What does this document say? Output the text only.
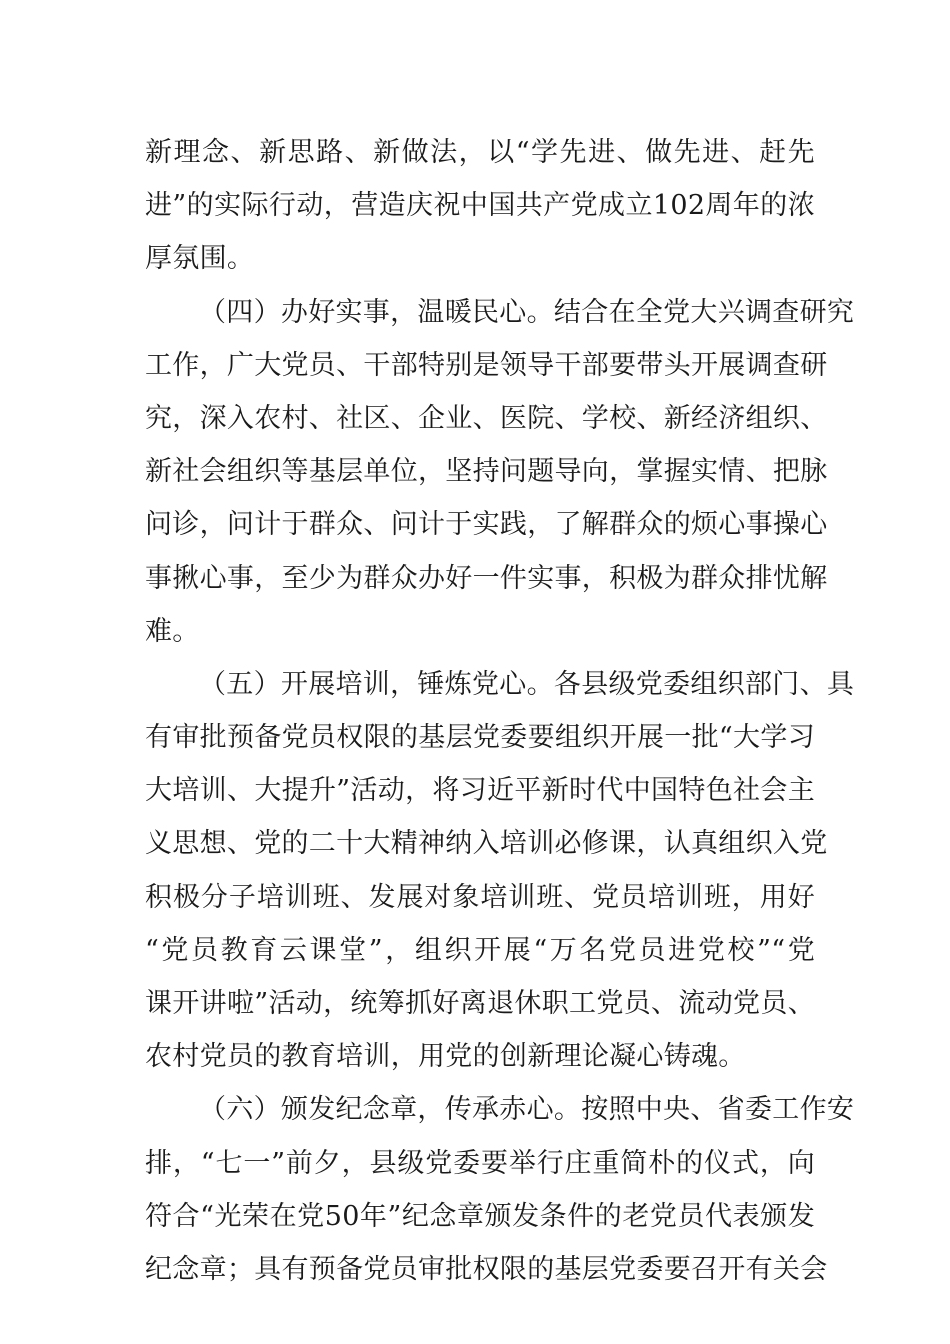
新理念、新思路、新做法，以“学先进、做先进、赶先
进”的实际行动，营造庆祝中国共产党成立102周年的浓
厚氛围。
（四）办好实事，温暖民心。结合在全党大兴调查研究
工作，广大党员、干部特别是领导干部要带头开展调查研
究，深入农村、社区、企业、医院、学校、新经济组织、
新社会组织等基层单位，坚持问题导向，掌握实情、把脉
问诊，问计于群众、问计于实践，了解群众的烦心事操心
事揪心事，至少为群众办好一件实事，积极为群众排忧解
难。
（五）开展培训，锤炼党心。各县级党委组织部门、具
有审批预备党员权限的基层党委要组织开展一批“大学习
大培训、大提升”活动，将习近平新时代中国特色社会主
义思想、党的二十大精神纳入培训必修课，认真组织入党
积极分子培训班、发展对象培训班、党员培训班，用好
“党员教育云课堂”，组织开展“万名党员进党校”“党
课开讲啦”活动，统筹抓好离退休职工党员、流动党员、
农村党员的教育培训，用党的创新理论凝心铸魂。
（六）颁发纪念章，传承赤心。按照中央、省委工作安
排，“七一”前夕，县级党委要举行庄重简朴的仪式，向
符合“光荣在党50年”纪念章颁发条件的老党员代表颁发
纪念章；具有预备党员审批权限的基层党委要召开有关会
